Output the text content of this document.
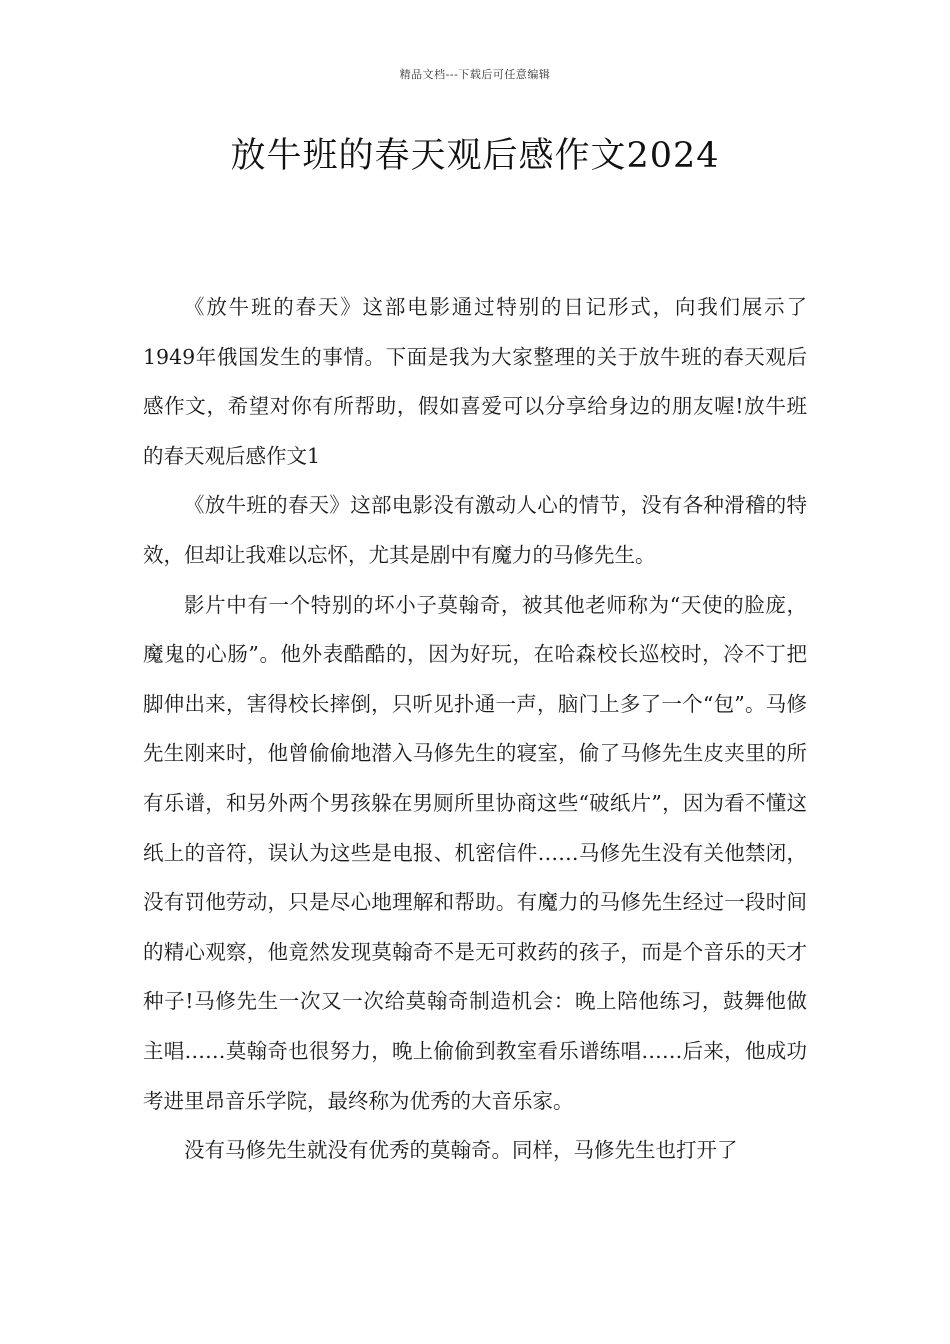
精品文档---下载后可任意编辑
放牛班的春天观后感作文2024

《放牛班的春天》这部电影通过特别的日记形式，向我们展示了1949年俄国发生的事情。下面是我为大家整理的关于放牛班的春天观后感作文，希望对你有所帮助，假如喜爱可以分享给身边的朋友喔!放牛班的春天观后感作文1

《放牛班的春天》这部电影没有激动人心的情节，没有各种滑稽的特效，但却让我难以忘怀，尤其是剧中有魔力的马修先生。

影片中有一个特别的坏小子莫翰奇，被其他老师称为“天使的脸庞，魔鬼的心肠”。他外表酷酷的，因为好玩，在哈森校长巡校时，冷不丁把脚伸出来，害得校长摔倒，只听见扑通一声，脑门上多了一个“包”。马修先生刚来时，他曾偷偷地潜入马修先生的寝室，偷了马修先生皮夹里的所有乐谱，和另外两个男孩躲在男厕所里协商这些“破纸片”，因为看不懂这纸上的音符，误认为这些是电报、机密信件……马修先生没有关他禁闭，没有罚他劳动，只是尽心地理解和帮助。有魔力的马修先生经过一段时间的精心观察，他竟然发现莫翰奇不是无可救药的孩子，而是个音乐的天才种子!马修先生一次又一次给莫翰奇制造机会：晚上陪他练习，鼓舞他做主唱……莫翰奇也很努力，晚上偷偷到教室看乐谱练唱……后来，他成功考进里昂音乐学院，最终称为优秀的大音乐家。

没有马修先生就没有优秀的莫翰奇。同样，马修先生也打开了
